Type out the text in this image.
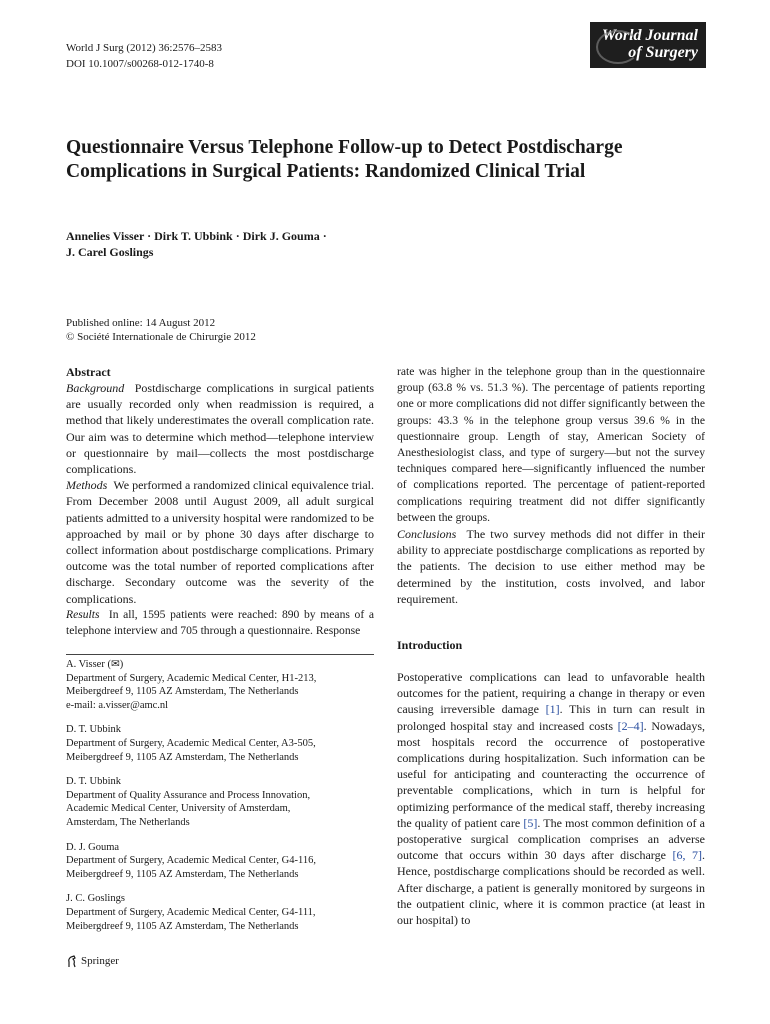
World J Surg (2012) 36:2576–2583
DOI 10.1007/s00268-012-1740-8
World Journal
of Surgery
Questionnaire Versus Telephone Follow-up to Detect Postdischarge Complications in Surgical Patients: Randomized Clinical Trial
Annelies Visser · Dirk T. Ubbink · Dirk J. Gouma ·
J. Carel Goslings
Published online: 14 August 2012
© Société Internationale de Chirurgie 2012

Abstract

Background Postdischarge complications in surgical patients are usually recorded only when readmission is required, a method that likely underestimates the overall complication rate. Our aim was to determine which method—telephone interview or questionnaire by mail—collects the most postdischarge complications.

Methods We performed a randomized clinical equivalence trial. From December 2008 until August 2009, all adult surgical patients admitted to a university hospital were randomized to be approached by mail or by phone 30 days after discharge to collect information about postdischarge complications. Primary outcome was the total number of reported complications after discharge. Secondary outcome was the severity of the complications.

Results In all, 1595 patients were reached: 890 by means of a telephone interview and 705 through a questionnaire. Response

A. Visser (✉)
Department of Surgery, Academic Medical Center, H1-213,
Meibergdreef 9, 1105 AZ Amsterdam, The Netherlands
e-mail: a.visser@amc.nl
D. T. Ubbink
Department of Surgery, Academic Medical Center, A3-505,
Meibergdreef 9, 1105 AZ Amsterdam, The Netherlands
D. T. Ubbink
Department of Quality Assurance and Process Innovation,
Academic Medical Center, University of Amsterdam,
Amsterdam, The Netherlands
D. J. Gouma
Department of Surgery, Academic Medical Center, G4-116,
Meibergdreef 9, 1105 AZ Amsterdam, The Netherlands
J. C. Goslings
Department of Surgery, Academic Medical Center, G4-111,
Meibergdreef 9, 1105 AZ Amsterdam, The Netherlands

rate was higher in the telephone group than in the questionnaire group (63.8 % vs. 51.3 %). The percentage of patients reporting one or more complications did not differ significantly between the groups: 43.3 % in the telephone group versus 39.6 % in the questionnaire group. Length of stay, American Society of Anesthesiologist class, and type of surgery—but not the survey techniques compared here—significantly influenced the number of complications reported. The percentage of patient-reported complications requiring treatment did not differ significantly between the groups.

Conclusions The two survey methods did not differ in their ability to appreciate postdischarge complications as reported by the patients. The decision to use either method may be determined by the institution, costs involved, and labor requirement.

Introduction

Postoperative complications can lead to unfavorable health outcomes for the patient, requiring a change in therapy or even causing irreversible damage [1]. This in turn can result in prolonged hospital stay and increased costs [2–4]. Nowadays, most hospitals record the occurrence of postoperative complications during hospitalization. Such information can be useful for anticipating and counteracting the occurrence of preventable complications, which in turn is helpful for optimizing performance of the medical staff, thereby increasing the quality of patient care [5]. The most common definition of a postoperative surgical complication comprises an adverse outcome that occurs within 30 days after discharge [6, 7]. Hence, postdischarge complications should be recorded as well. After discharge, a patient is generally monitored by surgeons in the outpatient clinic, where it is common practice (at least in our hospital) to

Springer
